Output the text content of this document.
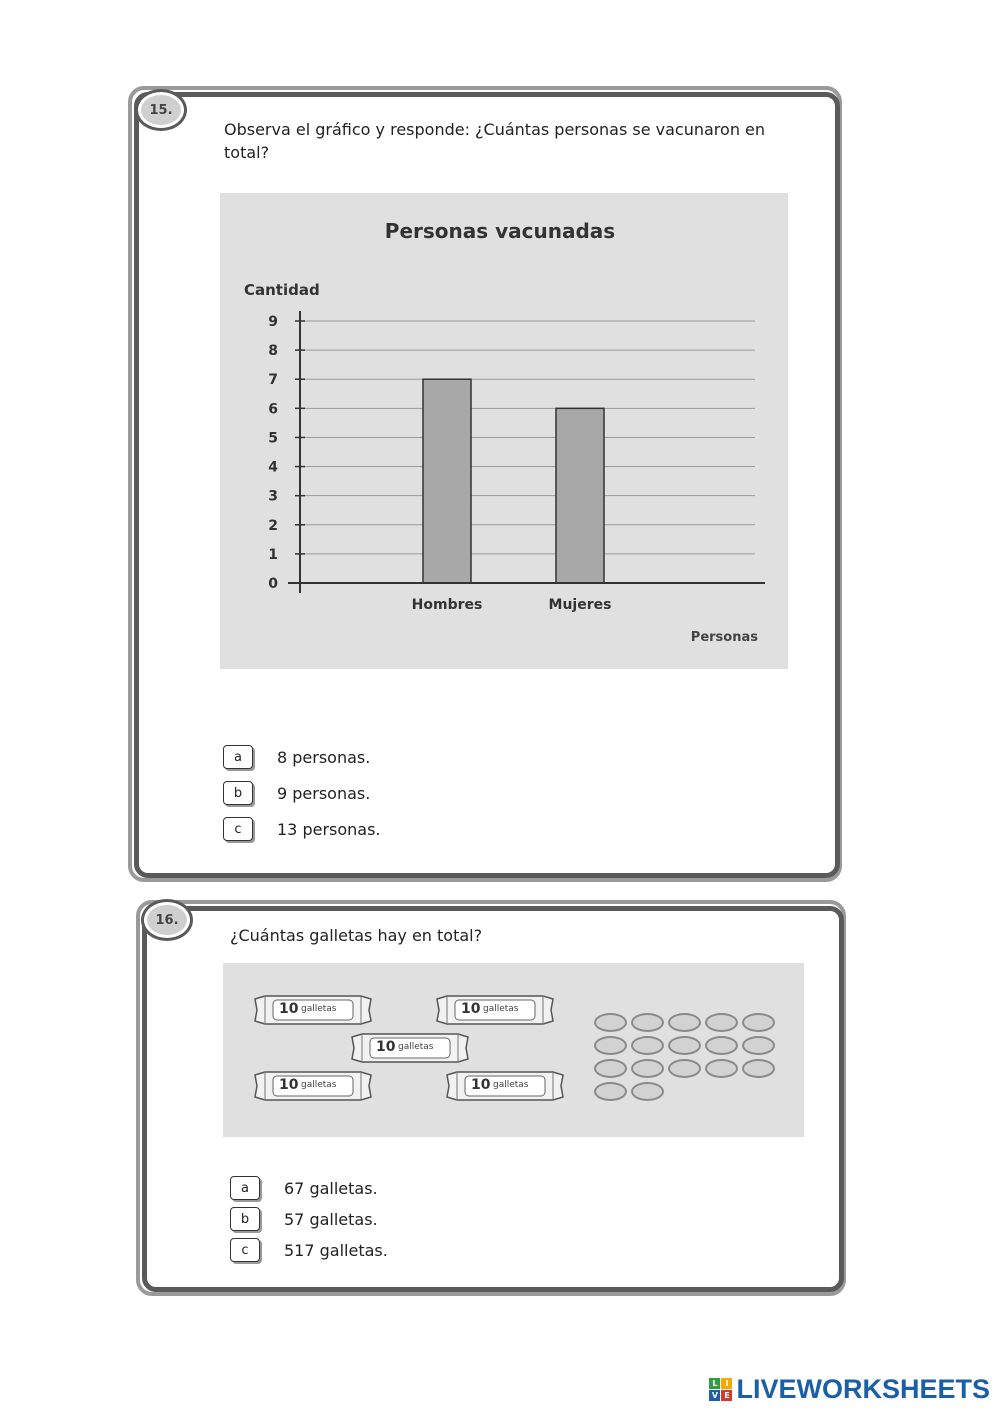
15.
Observa el gráfico y responde: ¿Cuántas personas se vacunaron en total?
Personas vacunadas
Cantidad
Personas
0
1
2
3
4
5
6
7
8
9
Hombres	Mujeres
a	8 personas.
b	9 personas.
c	13 personas.
16.
¿Cuántas galletas hay en total?
10 galletas	10 galletas
10 galletas
10 galletas	10 galletas
a	67 galletas.
b	57 galletas.
c	517 galletas.
L I
V E LIVEWORKSHEETS
